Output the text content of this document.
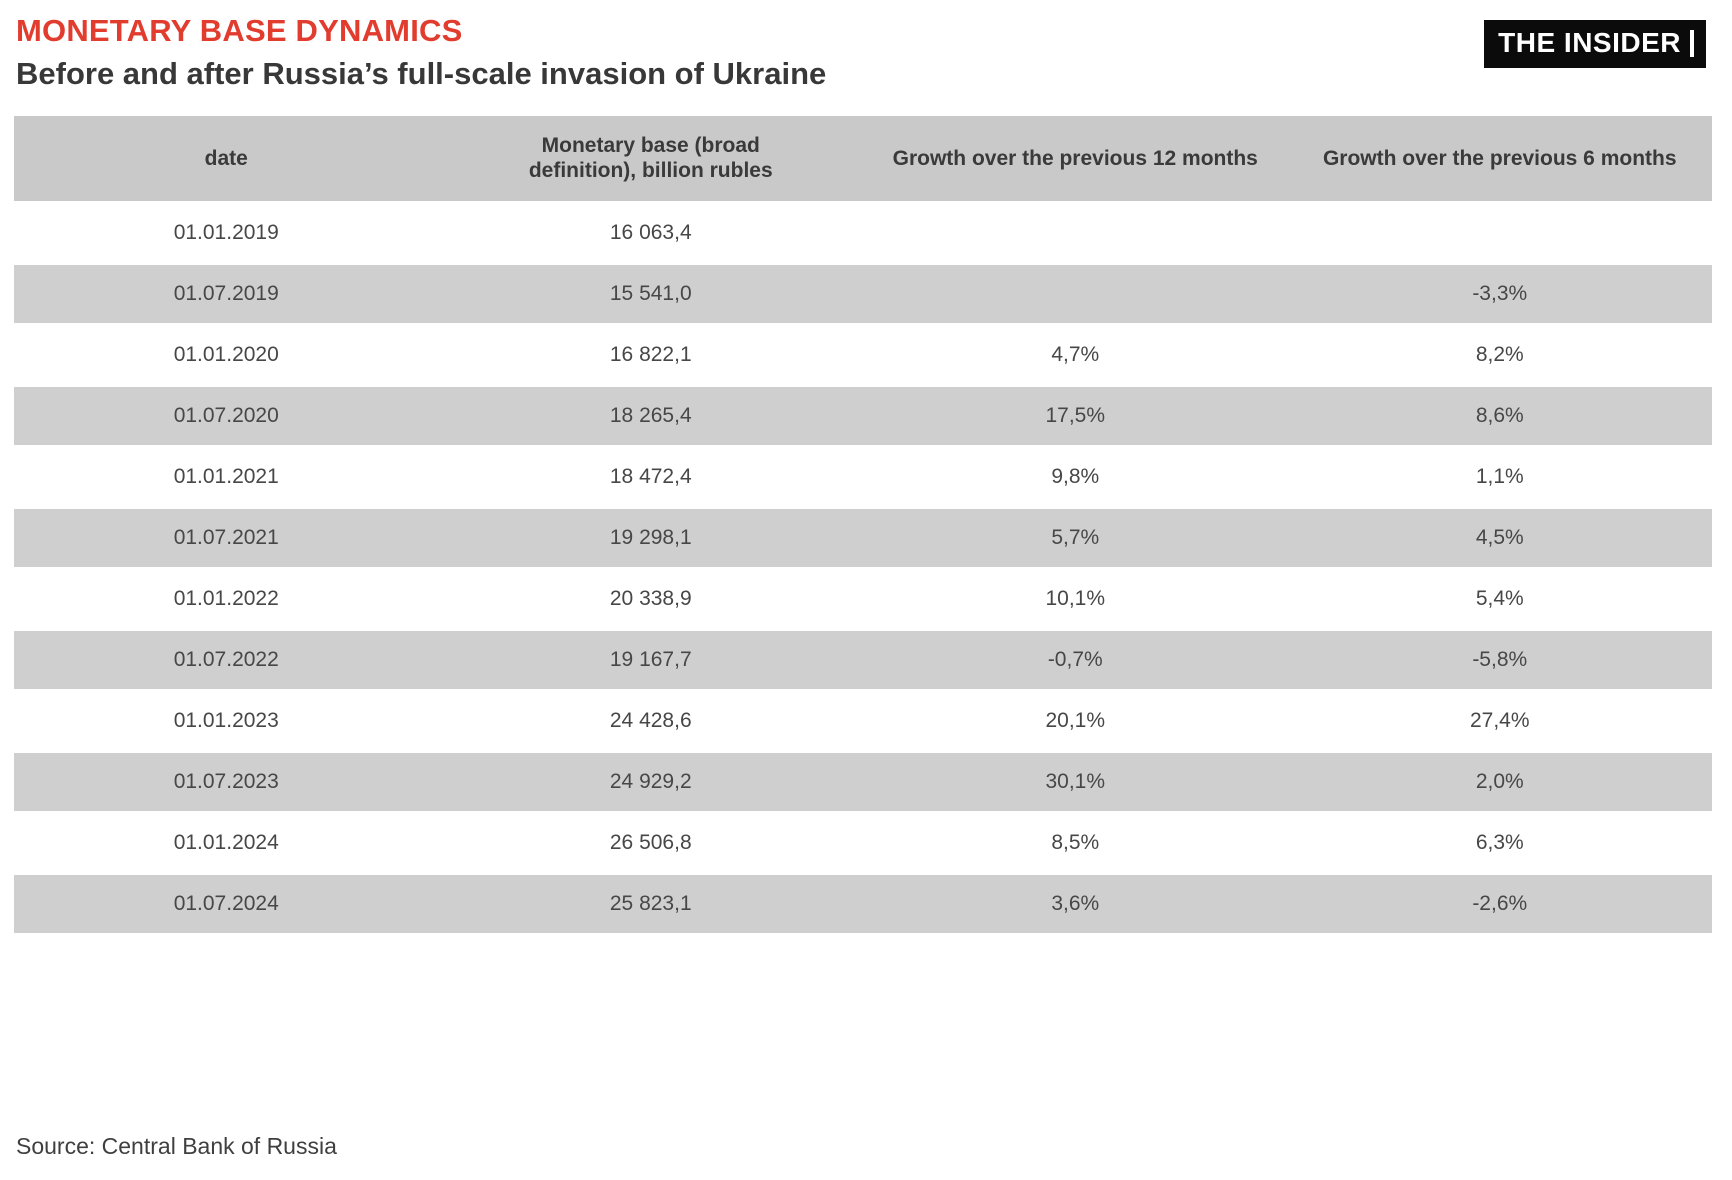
MONETARY BASE DYNAMICS
Before and after Russia’s full-scale invasion of Ukraine
THE INSIDER
date	Monetary base (broad definition), billion rubles	Growth over the previous 12 months	Growth over the previous 6 months
01.01.2019	16 063,4		
01.07.2019	15 541,0		-3,3%
01.01.2020	16 822,1	4,7%	8,2%
01.07.2020	18 265,4	17,5%	8,6%
01.01.2021	18 472,4	9,8%	1,1%
01.07.2021	19 298,1	5,7%	4,5%
01.01.2022	20 338,9	10,1%	5,4%
01.07.2022	19 167,7	-0,7%	-5,8%
01.01.2023	24 428,6	20,1%	27,4%
01.07.2023	24 929,2	30,1%	2,0%
01.01.2024	26 506,8	8,5%	6,3%
01.07.2024	25 823,1	3,6%	-2,6%
Source: Central Bank of Russia
